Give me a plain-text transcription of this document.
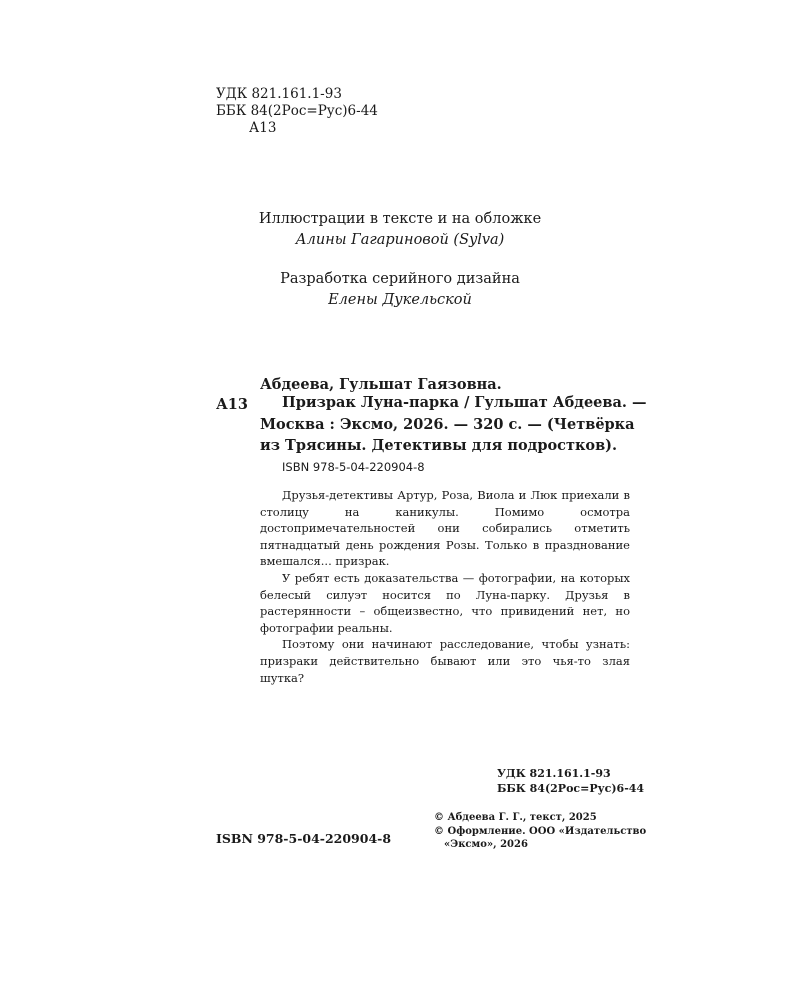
УДК 821.161.1-93
ББК 84(2Рос=Рус)6-44
А13
Иллюстрации в тексте и на обложке
Алины Гагариновой (Sylva)
Разработка серийного дизайна
Елены Дукельской
Абдеева, Гульшат Гаязовна.
А13	Призрак Луна-парка / Гульшат Абдеева. —
Москва : Эксмо, 2026. — 320 с. — (Четвёрка
из Трясины. Детективы для подростков).
ISBN 978-5-04-220904-8

Друзья-детективы Артур, Роза, Виола и Люк приехали в столицу на каникулы. Помимо осмотра достопримечательностей они собирались отметить пятнадцатый день рождения Розы. Только в празднование вмешался... призрак.

У ребят есть доказательства — фотографии, на которых белесый силуэт носится по Луна-парку. Друзья в растерянности – общеизвестно, что привидений нет, но фотографии реальны.

Поэтому они начинают расследование, чтобы узнать: призраки действительно бывают или это чья-то злая шутка?

УДК 821.161.1-93
ББК 84(2Рос=Рус)6-44
© Абдеева Г. Г., текст, 2025
© Оформление. ООО «Издательство
«Эксмо», 2026
ISBN 978-5-04-220904-8
